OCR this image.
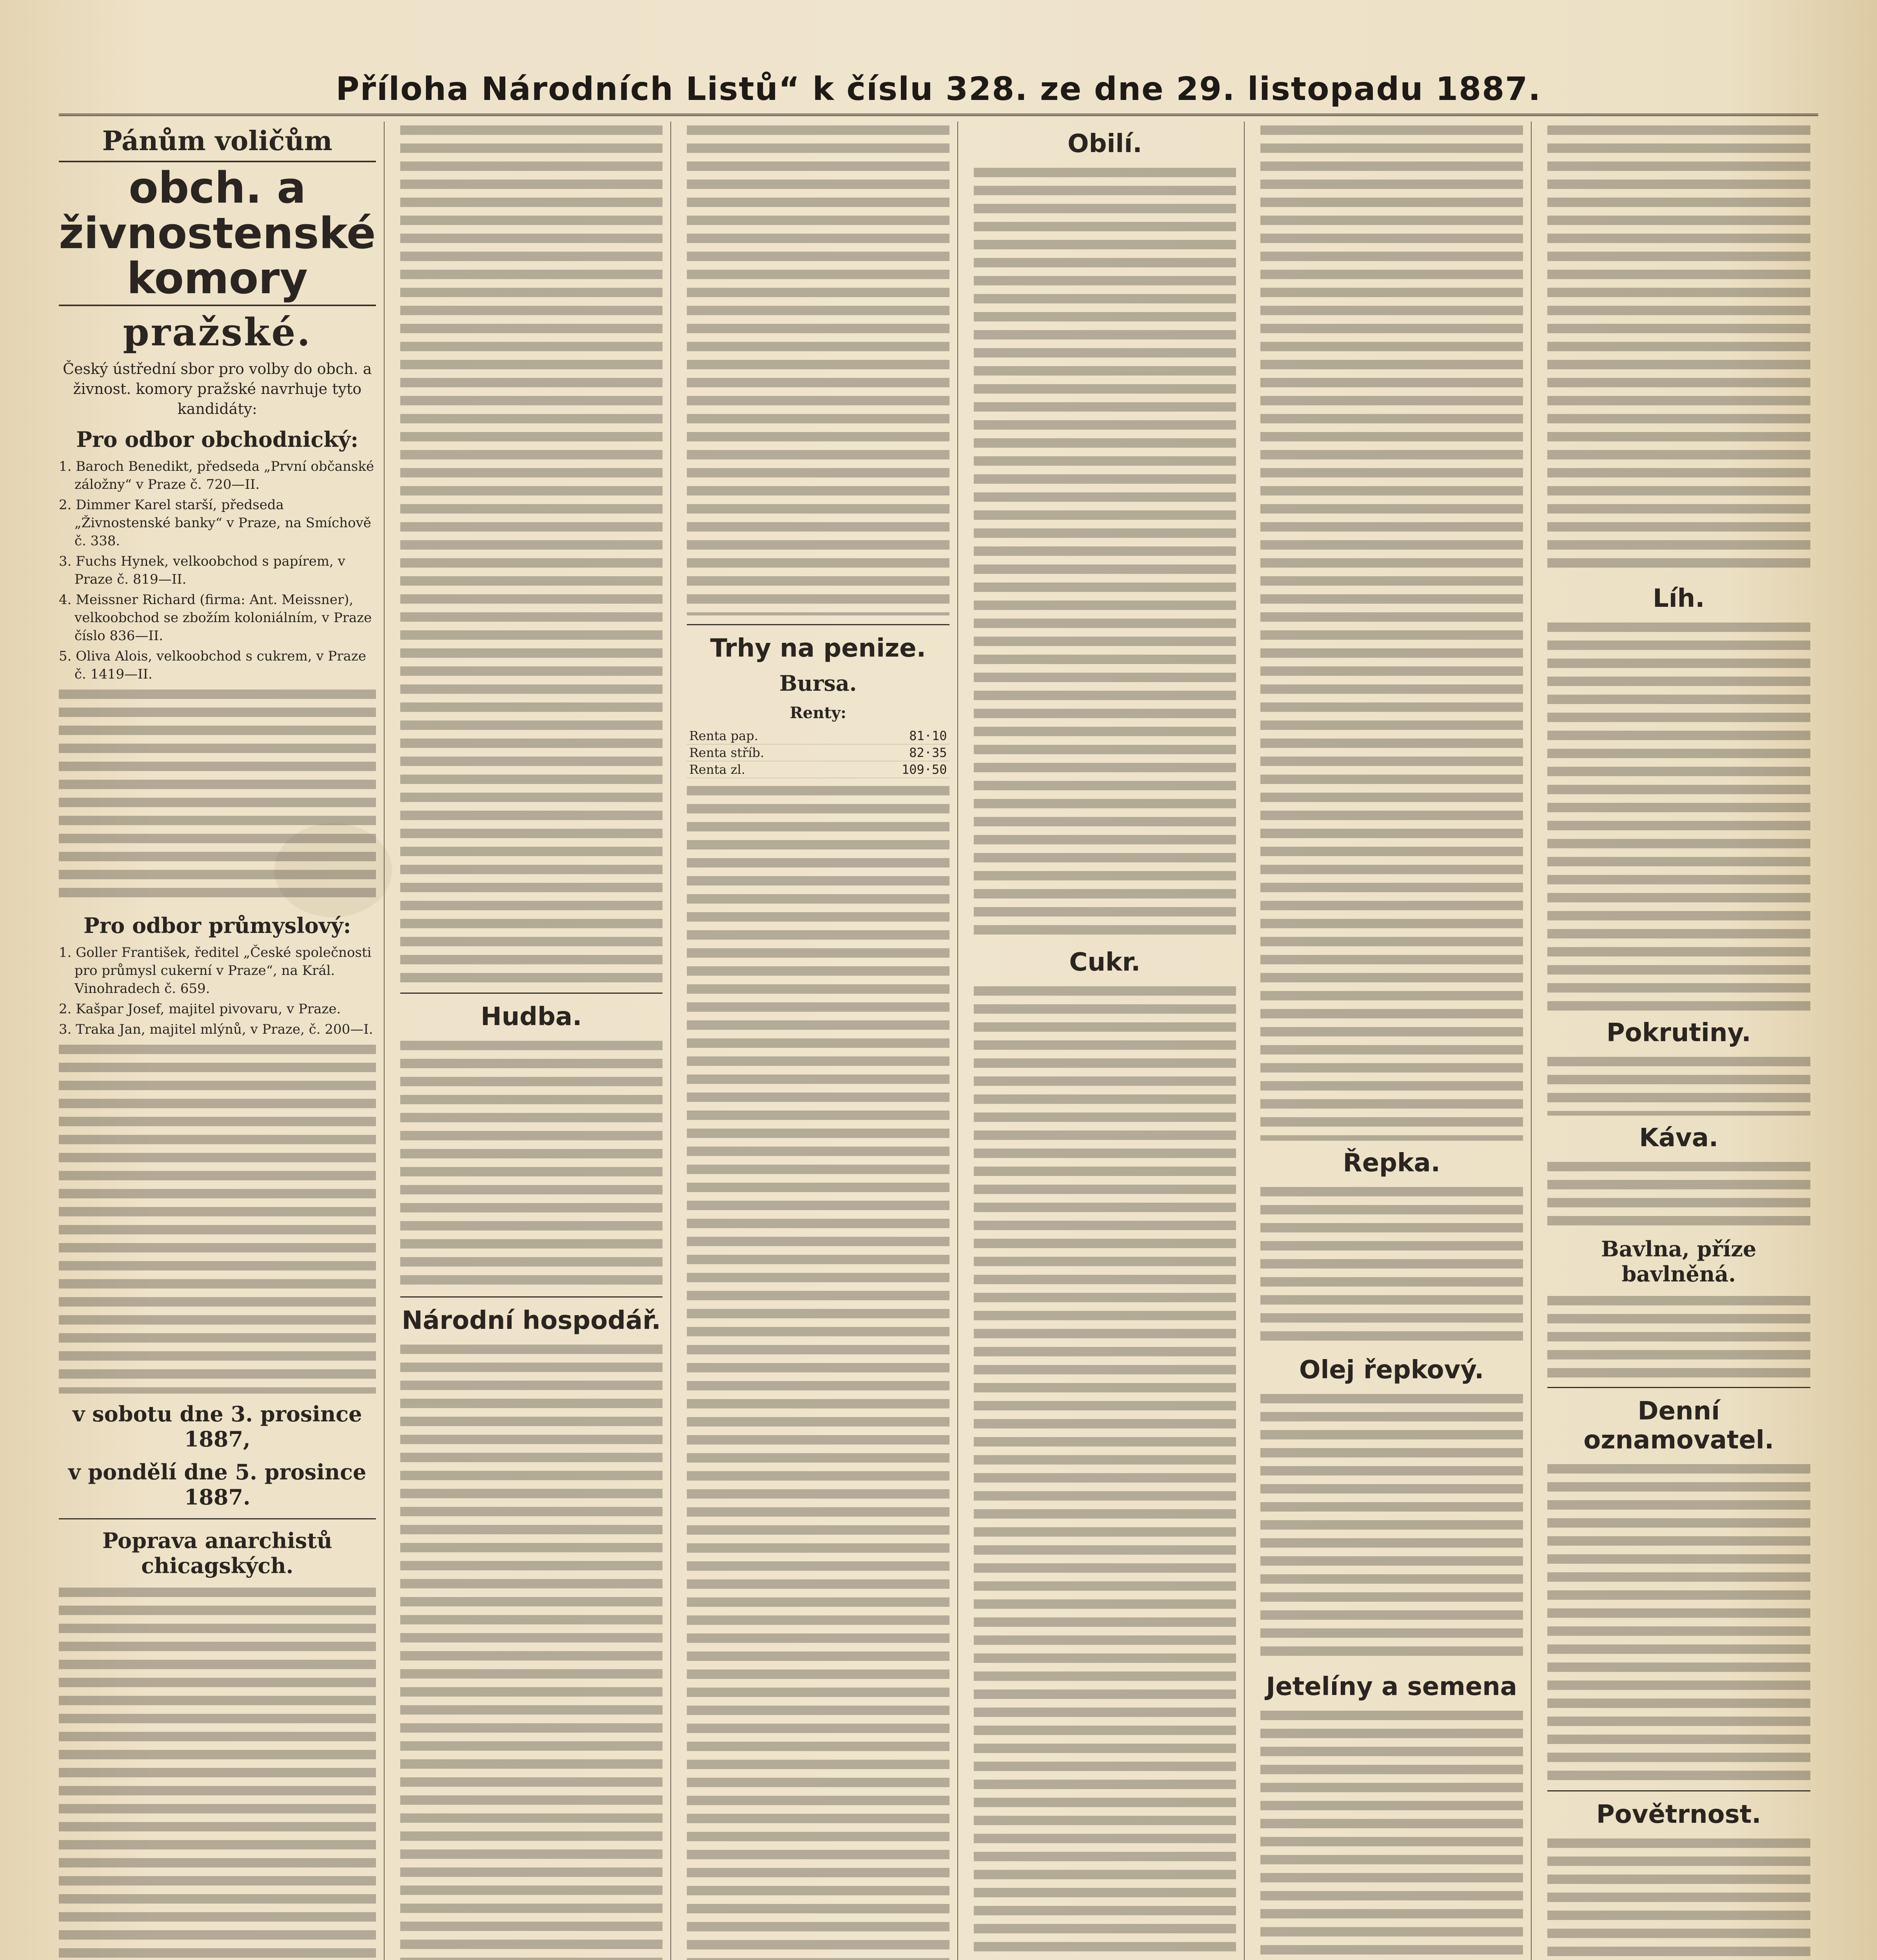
Příloha Národních Listů“ k číslu 328. ze dne 29. listopadu 1887.
Pánům voličům
obch. a živnostenské komory
pražské.
Český ústřední sbor pro volby do obch. a živnost. komory pražské navrhuje tyto kandidáty:
Pro odbor obchodnický:
1. Baroch Benedikt, předseda „První občanské záložny“ v Praze č. 720—II.
2. Dimmer Karel starší, předseda „Živnostenské banky“ v Praze, na Smíchově č. 338.
3. Fuchs Hynek, velkoobchod s papírem, v Praze č. 819—II.
4. Meissner Richard (firma: Ant. Meissner), velkoobchod se zbožím koloniálním, v Praze číslo 836—II.
5. Oliva Alois, velkoobchod s cukrem, v Praze č. 1419—II.
Pro odbor průmyslový:
1. Goller František, ředitel „České společnosti pro průmysl cukerní v Praze“, na Král. Vinohradech č. 659.
2. Kašpar Josef, majitel pivovaru, v Praze.
3. Traka Jan, majitel mlýnů, v Praze, č. 200—I.
v sobotu dne 3. prosince 1887,
v pondělí dne 5. prosince 1887.
Poprava anarchistů chicagských.
Hudba.
Národní hospodář.
Trhy na penize.
Bursa.
Renty:
Renta pap.	81·10
Renta stříb.	82·35
Renta zl.	109·50
Obilí.
Cukr.
Řepka.
Olej řepkový.
Jetelíny a semena
Líh.
Pokrutiny.
Káva.
Bavlna, příze bavlněná.
Denní oznamovatel.
Povětrnost.
